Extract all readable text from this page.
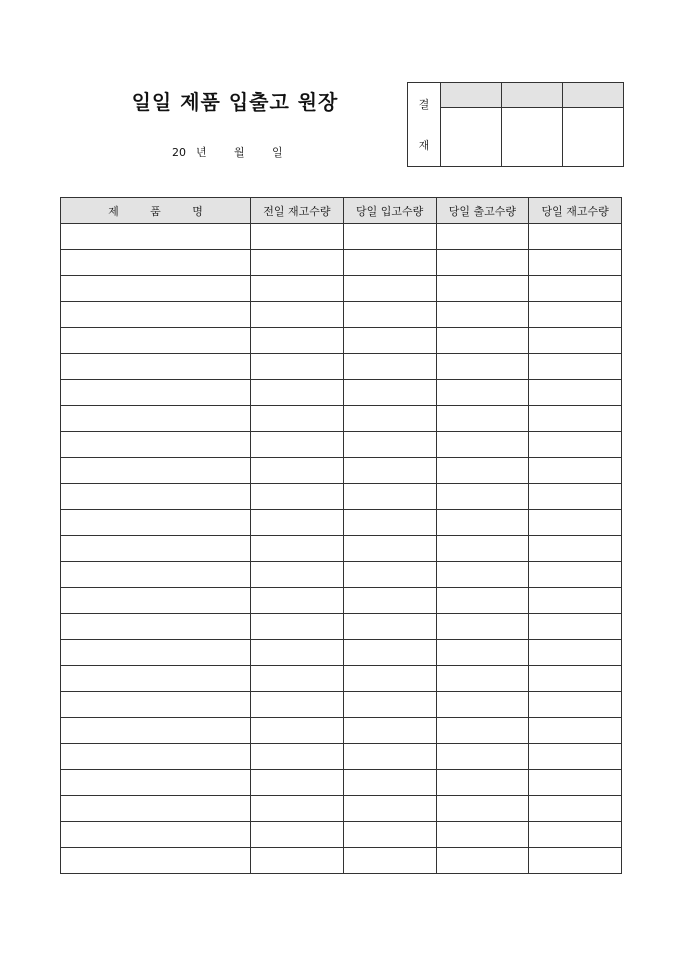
일일 제품 입출고 원장
20 년 월 일
결
재			

제 품 명	전일 재고수량	당일 입고수량	당일 출고수량	당일 재고수량
